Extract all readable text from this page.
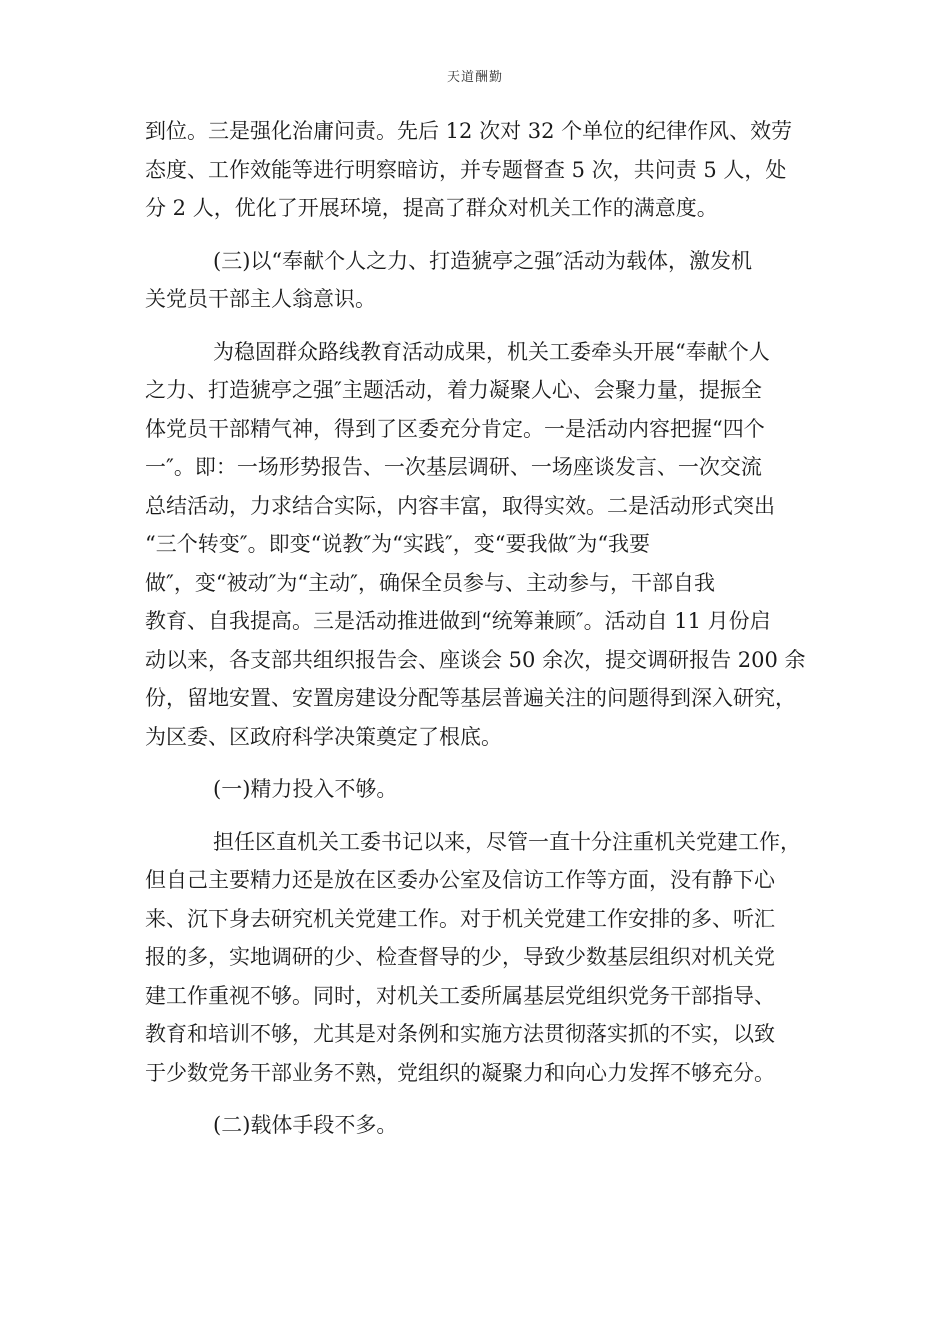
天道酬勤

到位。三是强化治庸问责。先后 12 次对 32 个单位的纪律作风、效劳
态度、工作效能等进行明察暗访，并专题督查 5 次，共问责 5 人，处
分 2 人，优化了开展环境，提高了群众对机关工作的满意度。

(三)以“奉献个人之力、打造猇亭之强″活动为载体，激发机
关党员干部主人翁意识。

为稳固群众路线教育活动成果，机关工委牵头开展“奉献个人
之力、打造猇亭之强″主题活动，着力凝聚人心、会聚力量，提振全
体党员干部精气神，得到了区委充分肯定。一是活动内容把握“四个
一″。即：一场形势报告、一次基层调研、一场座谈发言、一次交流
总结活动，力求结合实际，内容丰富，取得实效。二是活动形式突出
“三个转变″。即变“说教″为“实践″，变“要我做″为“我要
做″，变“被动″为“主动″，确保全员参与、主动参与，干部自我
教育、自我提高。三是活动推进做到“统筹兼顾″。活动自 11 月份启
动以来，各支部共组织报告会、座谈会 50 余次，提交调研报告 200 余
份，留地安置、安置房建设分配等基层普遍关注的问题得到深入研究，
为区委、区政府科学决策奠定了根底。

(一)精力投入不够。

担任区直机关工委书记以来，尽管一直十分注重机关党建工作，
但自己主要精力还是放在区委办公室及信访工作等方面，没有静下心
来、沉下身去研究机关党建工作。对于机关党建工作安排的多、听汇
报的多，实地调研的少、检查督导的少，导致少数基层组织对机关党
建工作重视不够。同时，对机关工委所属基层党组织党务干部指导、
教育和培训不够，尤其是对条例和实施方法贯彻落实抓的不实，以致
于少数党务干部业务不熟，党组织的凝聚力和向心力发挥不够充分。

(二)载体手段不多。
